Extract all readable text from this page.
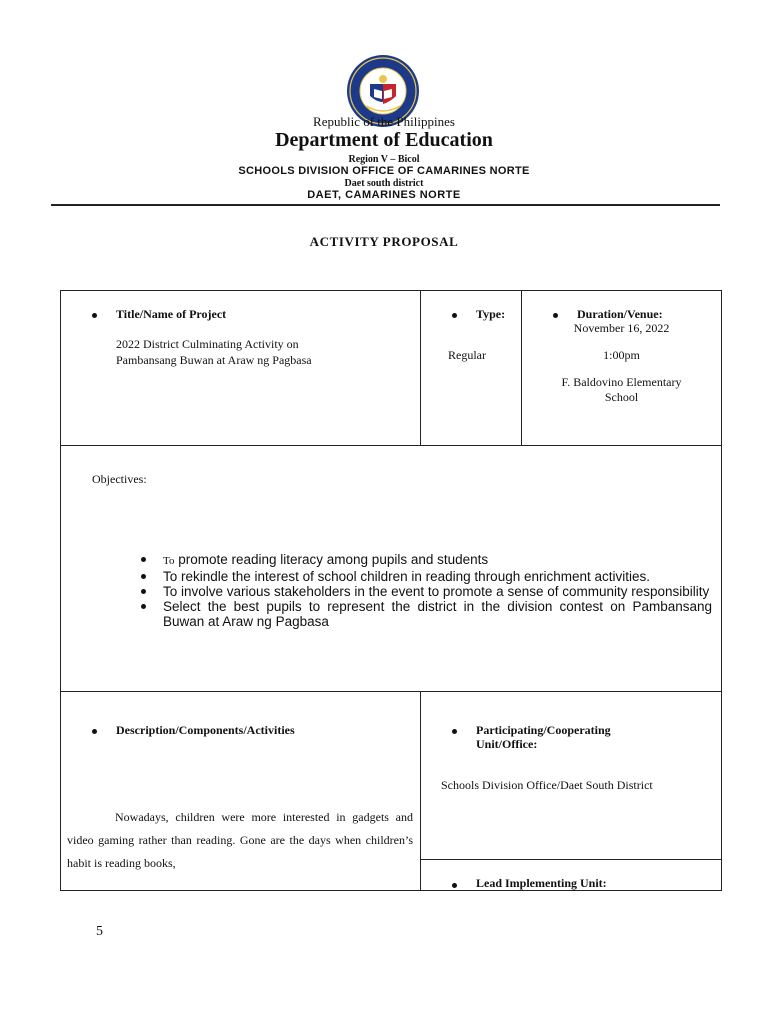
Republic of the Philippines
Department of Education
Region V – Bicol
SCHOOLS DIVISION OFFICE OF CAMARINES NORTE
Daet south district
DAET, CAMARINES NORTE
ACTIVITY PROPOSAL
Title/Name of Project
2022 District Culminating Activity on
Pambansang Buwan at Araw ng Pagbasa
Type:
Regular
Duration/Venue:
November 16, 2022
1:00pm
F. Baldovino Elementary
School
Objectives:
To promote reading literacy among pupils and students
To rekindle the interest of school children in reading through enrichment activities.
To involve various stakeholders in the event to promote a sense of community responsibility
Select the best pupils to represent the district in the division contest on Pambansang Buwan at Araw ng Pagbasa
Description/Components/Activities

Nowadays, children were more interested in gadgets and video gaming rather than reading. Gone are the days when children’s habit is reading books,

Participating/Cooperating
Unit/Office:
Schools Division Office/Daet South District
Lead Implementing Unit:
5
